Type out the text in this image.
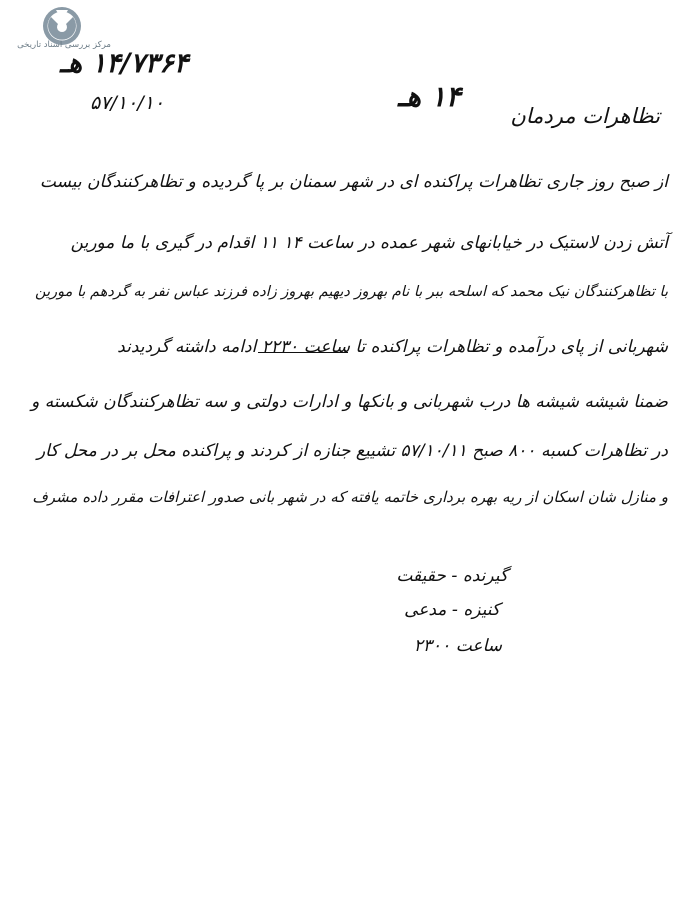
مرکز بررسی اسناد تاریخی
۱۴/۷۳۶۴ هـ
۵۷/۱۰/۱۰	۱۴ هـ
تظاهرات مردمان
از صبح روز جاری تظاهرات پراکنده ای در شهر سمنان بر پا گردیده و تظاهرکنندگان بیست
آتش زدن لاستیک در خیابانهای شهر عمده در ساعت ۱۴ ۱۱ اقدام در گیری با ما مورین
با تظاهرکنندگان نیک محمد که اسلحه ببر با نام بهروز دیهیم بهروز زاده فرزند عباس نفر به گردهم با مورین
شهربانی از پای درآمده و تظاهرات پراکنده تا ساعت ۲۲۳۰ ادامه داشته گردیدند
ضمنا شیشه شیشه ها درب شهربانی و بانکها و ادارات دولتی و سه تظاهرکنندگان شکسته و
در تظاهرات کسبه ۸۰۰ صبح ۵۷/۱۰/۱۱ تشییع جنازه از کردند و پراکنده محل بر در محل کار
و منازل شان اسکان از ریه بهره برداری خاتمه یافته که در شهر بانی صدور اعترافات مقرر داده مشرف
گیرنده - حقیقت
کنیزه - مدعی
ساعت ۲۳۰۰
